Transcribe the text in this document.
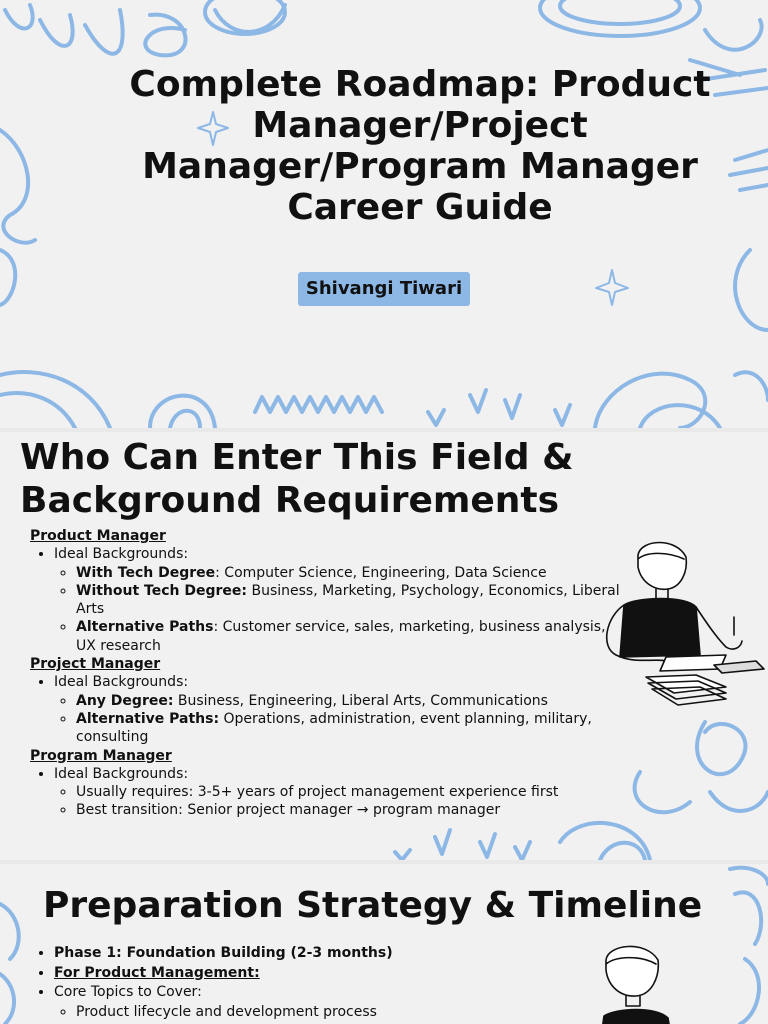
Complete Roadmap: Product Manager/Project Manager/Program Manager Career Guide
Shivangi Tiwari
Who Can Enter This Field & Background Requirements
Product Manager
• Ideal Backgrounds:
◦ With Tech Degree: Computer Science, Engineering, Data Science
◦ Without Tech Degree: Business, Marketing, Psychology, Economics, Liberal Arts
◦ Alternative Paths: Customer service, sales, marketing, business analysis, UX research
Project Manager
• Ideal Backgrounds:
◦ Any Degree: Business, Engineering, Liberal Arts, Communications
◦ Alternative Paths: Operations, administration, event planning, military, consulting
Program Manager
• Ideal Backgrounds:
◦ Usually requires: 3-5+ years of project management experience first
◦ Best transition: Senior project manager → program manager
Preparation Strategy & Timeline
• Phase 1: Foundation Building (2-3 months)
• For Product Management:
• Core Topics to Cover:
◦ Product lifecycle and development process
